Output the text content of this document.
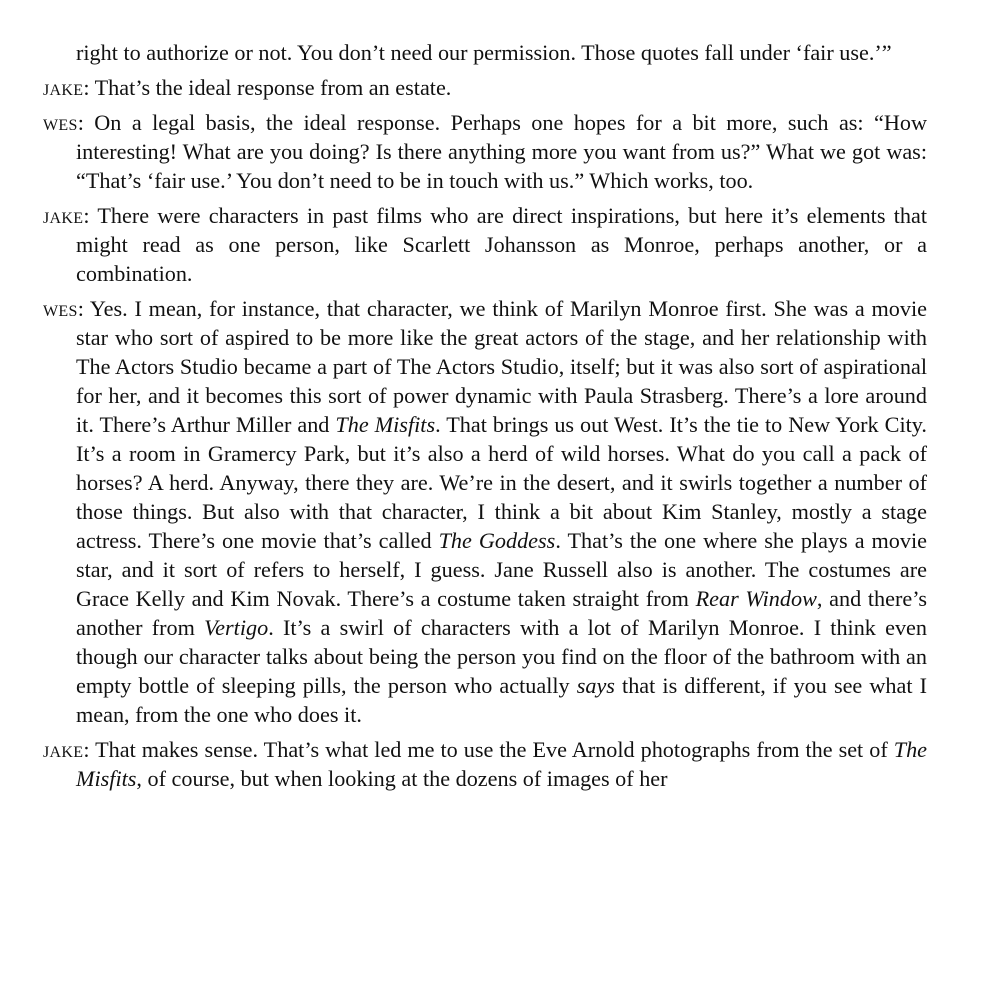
right to authorize or not. You don’t need our permission. Those quotes fall under ‘fair use.’”

jake: That’s the ideal response from an estate.

wes: On a legal basis, the ideal response. Perhaps one hopes for a bit more, such as: “How interesting! What are you doing? Is there anything more you want from us?” What we got was: “That’s ‘fair use.’ You don’t need to be in touch with us.” Which works, too.

jake: There were characters in past films who are direct inspirations, but here it’s elements that might read as one person, like Scarlett Johansson as Monroe, perhaps another, or a combination.

wes: Yes. I mean, for instance, that character, we think of Marilyn Monroe first. She was a movie star who sort of aspired to be more like the great actors of the stage, and her relationship with The Actors Studio became a part of The Actors Studio, itself; but it was also sort of aspirational for her, and it becomes this sort of power dynamic with Paula Strasberg. There’s a lore around it. There’s Arthur Miller and The Misfits. That brings us out West. It’s the tie to New York City. It’s a room in Gramercy Park, but it’s also a herd of wild horses. What do you call a pack of horses? A herd. Anyway, there they are. We’re in the desert, and it swirls together a number of those things. But also with that character, I think a bit about Kim Stanley, mostly a stage actress. There’s one movie that’s called The Goddess. That’s the one where she plays a movie star, and it sort of refers to herself, I guess. Jane Russell also is another. The costumes are Grace Kelly and Kim Novak. There’s a costume taken straight from Rear Window, and there’s another from Vertigo. It’s a swirl of characters with a lot of Marilyn Monroe. I think even though our character talks about being the person you find on the floor of the bathroom with an empty bottle of sleeping pills, the person who actually says that is different, if you see what I mean, from the one who does it.

jake: That makes sense. That’s what led me to use the Eve Arnold photographs from the set of The Misfits, of course, but when looking at the dozens of images of her
